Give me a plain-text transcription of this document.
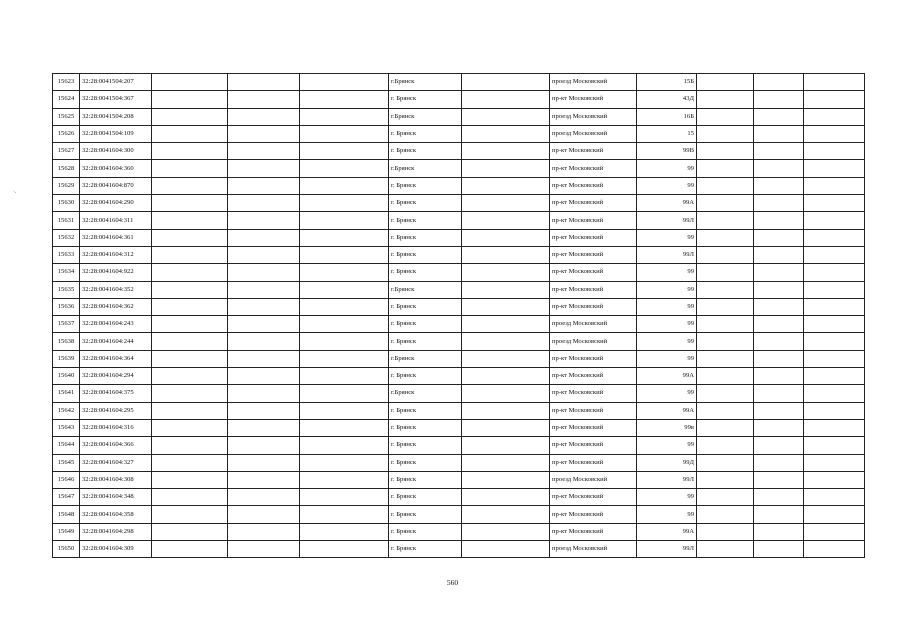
·.
15623	32:28:0041504:207				г.Брянск		проезд Московский	15Б			
15624	32:28:0041504:367				г. Брянск		пр-кт Московский	43Д			
15625	32:28:0041504:208				г.Брянск		проезд Московский	16Б			
15626	32:28:0041504:109				г. Брянск		проезд Московский	15			
15627	32:28:0041604:300				г. Брянск		пр-кт Московский	99В			
15628	32:28:0041604:360				г.Брянск		пр-кт Московский	99			
15629	32:28:0041604:870				г. Брянск		пр-кт Московский	99			
15630	32:28:0041604:290				г. Брянск		пр-кт Московский	99А			
15631	32:28:0041604:311				г. Брянск		пр-кт Московский	99Л			
15632	32:28:0041604:361				г. Брянск		пр-кт Московский	99			
15633	32:28:0041604:312				г. Брянск		пр-кт Московский	99Л			
15634	32:28:0041604:922				г. Брянск		пр-кт Московский	99			
15635	32:28:0041604:352				г.Брянск		пр-кт Московский	99			
15636	32:28:0041604:362				г. Брянск		пр-кт Московский	99			
15637	32:28:0041604:243				г. Брянск		проезд Московский	99			
15638	32:28:0041604:244				г. Брянск		проезд Московский	99			
15639	32:28:0041604:364				г.Брянск		пр-кт Московский	99			
15640	32:28:0041604:294				г. Брянск		пр-кт Московский	99А			
15641	32:28:0041604:375				г.Брянск		пр-кт Московский	99			
15642	32:28:0041604:295				г. Брянск		пр-кт Московский	99А			
15643	32:28:0041604:316				г. Брянск		пр-кт Московский	99в			
15644	32:28:0041604:366				г. Брянск		пр-кт Московский	99			
15645	32:28:0041604:327				г. Брянск		пр-кт Московский	99Д			
15646	32:28:0041604:308				г. Брянск		проезд Московский	99Л			
15647	32:28:0041604:348				г. Брянск		пр-кт Московский	99			
15648	32:28:0041604:358				г. Брянск		пр-кт Московский	99			
15649	32:28:0041604:298				г. Брянск		пр-кт Московский	99А			
15650	32:28:0041604:309				г. Брянск		проезд Московский	99Л			
560
